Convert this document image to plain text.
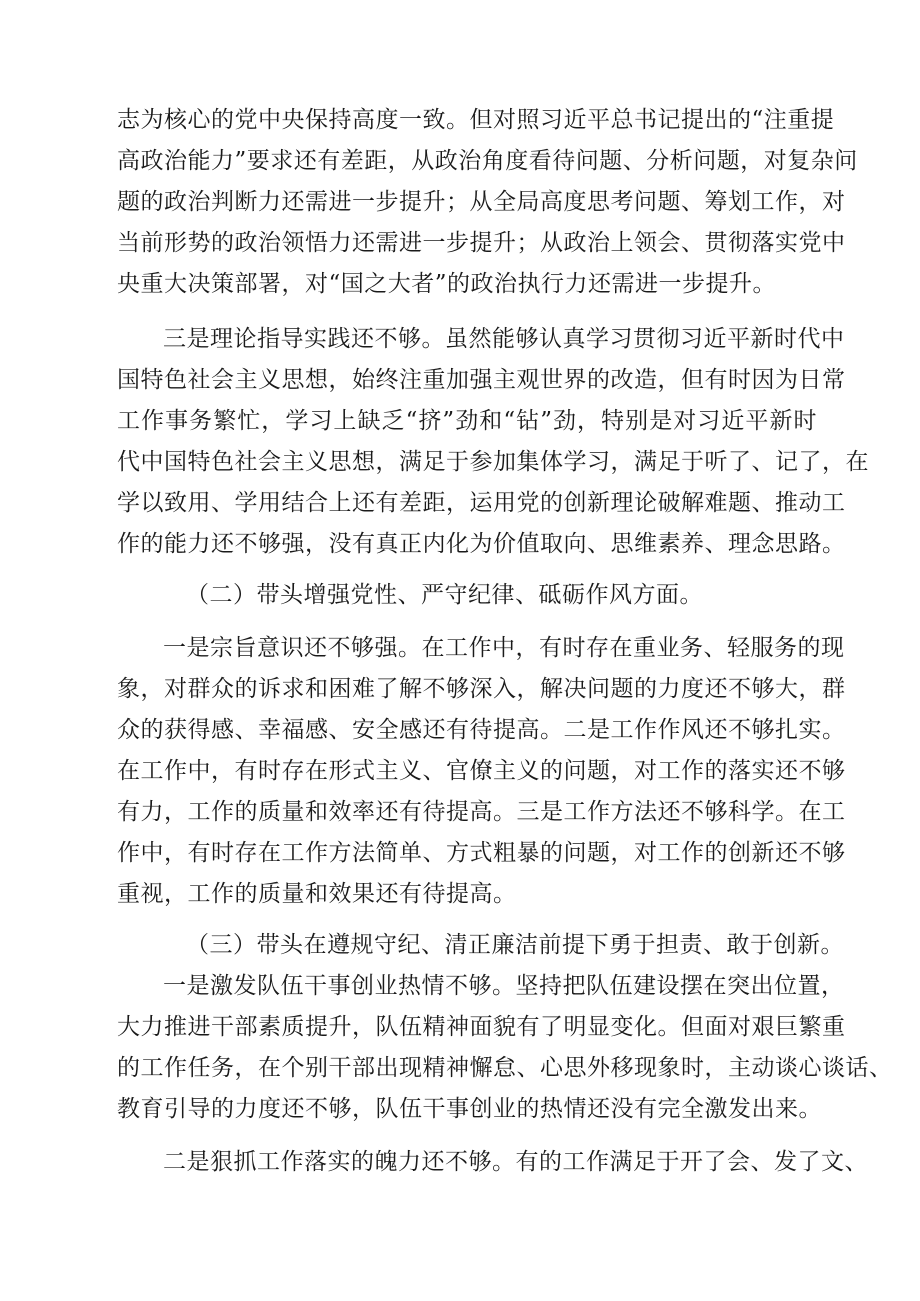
志为核心的党中央保持高度一致。但对照习近平总书记提出的“注重提
高政治能力”要求还有差距，从政治角度看待问题、分析问题，对复杂问
题的政治判断力还需进一步提升；从全局高度思考问题、筹划工作，对
当前形势的政治领悟力还需进一步提升；从政治上领会、贯彻落实党中
央重大决策部署，对“国之大者”的政治执行力还需进一步提升。
三是理论指导实践还不够。虽然能够认真学习贯彻习近平新时代中
国特色社会主义思想，始终注重加强主观世界的改造，但有时因为日常
工作事务繁忙，学习上缺乏“挤”劲和“钻”劲，特别是对习近平新时
代中国特色社会主义思想，满足于参加集体学习，满足于听了、记了，在
学以致用、学用结合上还有差距，运用党的创新理论破解难题、推动工
作的能力还不够强，没有真正内化为价值取向、思维素养、理念思路。
（二）带头增强党性、严守纪律、砥砺作风方面。
一是宗旨意识还不够强。在工作中，有时存在重业务、轻服务的现
象，对群众的诉求和困难了解不够深入，解决问题的力度还不够大，群
众的获得感、幸福感、安全感还有待提高。二是工作作风还不够扎实。
在工作中，有时存在形式主义、官僚主义的问题，对工作的落实还不够
有力，工作的质量和效率还有待提高。三是工作方法还不够科学。在工
作中，有时存在工作方法简单、方式粗暴的问题，对工作的创新还不够
重视，工作的质量和效果还有待提高。
（三）带头在遵规守纪、清正廉洁前提下勇于担责、敢于创新。
一是激发队伍干事创业热情不够。坚持把队伍建设摆在突出位置，
大力推进干部素质提升，队伍精神面貌有了明显变化。但面对艰巨繁重
的工作任务，在个别干部出现精神懈怠、心思外移现象时，主动谈心谈话、
教育引导的力度还不够，队伍干事创业的热情还没有完全激发出来。
二是狠抓工作落实的魄力还不够。有的工作满足于开了会、发了文、
